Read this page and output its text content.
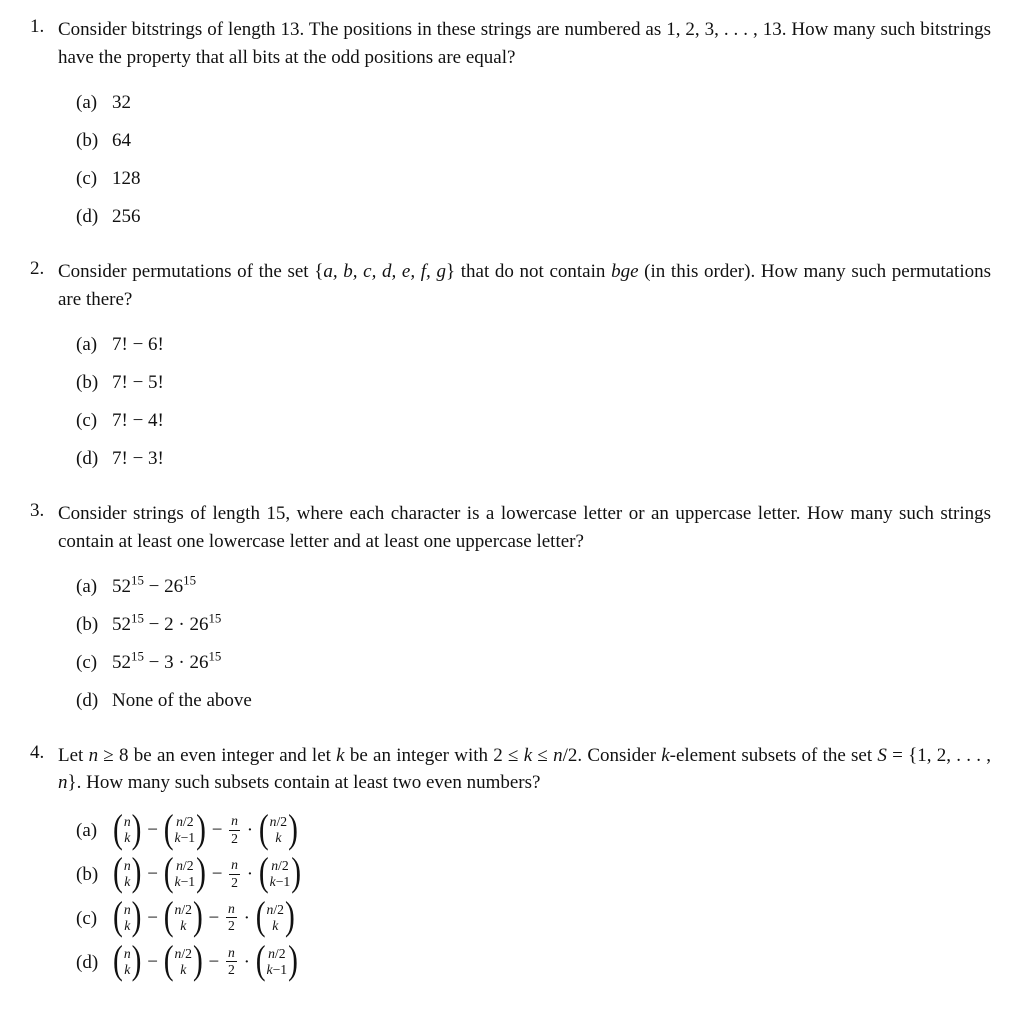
1. Consider bitstrings of length 13. The positions in these strings are numbered as 1, 2, 3, . . . , 13. How many such bitstrings have the property that all bits at the odd positions are equal?
(a) 32
(b) 64
(c) 128
(d) 256
2. Consider permutations of the set {a, b, c, d, e, f, g} that do not contain bge (in this order). How many such permutations are there?
(a) 7! − 6!
(b) 7! − 5!
(c) 7! − 4!
(d) 7! − 3!
3. Consider strings of length 15, where each character is a lowercase letter or an uppercase letter. How many such strings contain at least one lowercase letter and at least one uppercase letter?
(a) $52^{15} - 26^{15}$
(b) $52^{15} - 2 \cdot 26^{15}$
(c) $52^{15} - 3 \cdot 26^{15}$
(d) None of the above
4. Let n ≥ 8 be an even integer and let k be an integer with 2 ≤ k ≤ n/2. Consider k-element subsets of the set S = {1, 2, . . . , n}. How many such subsets contain at least two even numbers?
(a) ( n
k ) − ( n/2
k−1 ) − $\frac{n}{2}$ · ( n/2
k )
(b) ( n
k ) − ( n/2
k−1 ) − $\frac{n}{2}$ · ( n/2
k−1 )
(c) ( n
k ) − ( n/2
k ) − $\frac{n}{2}$ · ( n/2
k )
(d) ( n
k ) − ( n/2
k ) − $\frac{n}{2}$ · ( n/2
k−1 )
